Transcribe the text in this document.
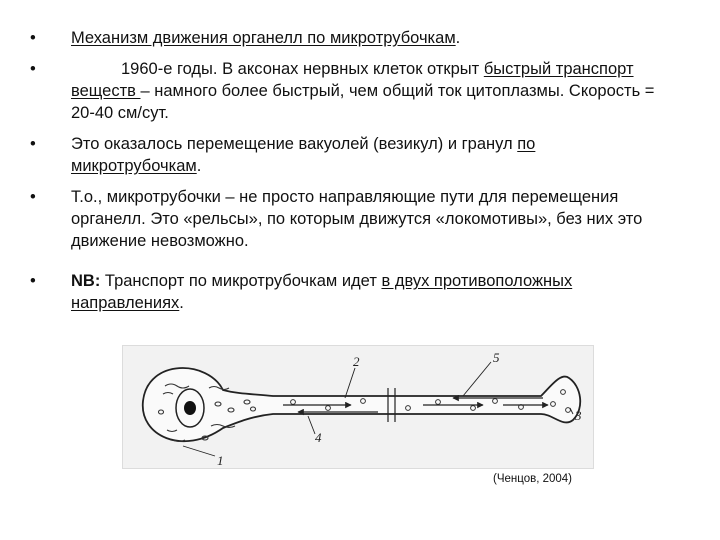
•	Механизм движения органелл по микротрубочкам.
•	1960-е годы. В аксонах нервных клеток открыт быстрый транспорт веществ – намного более быстрый, чем общий ток цитоплазмы. Скорость = 20-40 см/сут.
•	Это оказалось перемещение вакуолей (везикул) и гранул по микротрубочкам.
•	Т.о., микротрубочки – не просто направляющие пути для перемещения органелл. Это «рельсы», по которым движутся «локомотивы», без них это движение невозможно.
•	NB: Транспорт по микротрубочкам идет в двух противоположных направлениях.
1
2
3
4
5
(Ченцов, 2004)
